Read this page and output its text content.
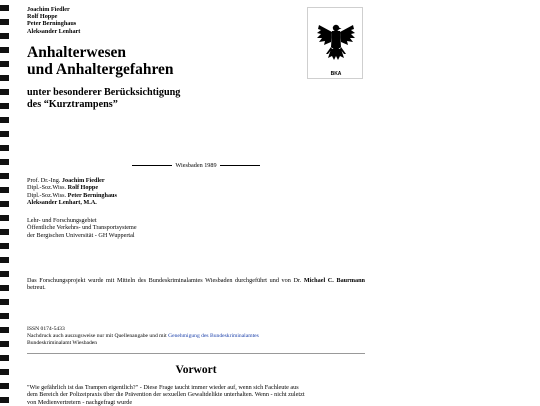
Joachim Fiedler
Rolf Hoppe
Peter Berninghaus
Aleksander Lenhart
Anhalterwesen
und Anhaltergefahren
unter besonderer Berücksichtigung
des “Kurztrampens”
BKA
Wiesbaden 1989
Prof. Dr.-Ing. Joachim Fiedler
Dipl.-Soz.Wiss. Rolf Hoppe
Dipl.-Soz.Wiss. Peter Berninghaus
Aleksander Lenhart, M.A.
Lehr- und Forschungsgebiet
Öffentliche Verkehrs- und Transportsysteme
der Bergischen Universität - GH Wuppertal
Das Forschungsprojekt wurde mit Mitteln des Bundeskriminalamtes Wiesbaden durchgeführt und von Dr. Michael C. Baurmann betreut.
ISSN 0174-5433
Nachdruck auch auszugsweise nur mit Quellenangabe und mit Genehmigung des Bundeskriminalamtes
Bundeskriminalamt Wiesbaden
Vorwort
"Wie gefährlich ist das Trampen eigentlich?" - Diese Frage taucht immer wieder auf, wenn sich Fachleute aus
dem Bereich der Polizeipraxis über die Prävention der sexuellen Gewaltdelikte unterhalten. Wenn - nicht zuletzt
von Medienvertretern - nachgefragt wurde
